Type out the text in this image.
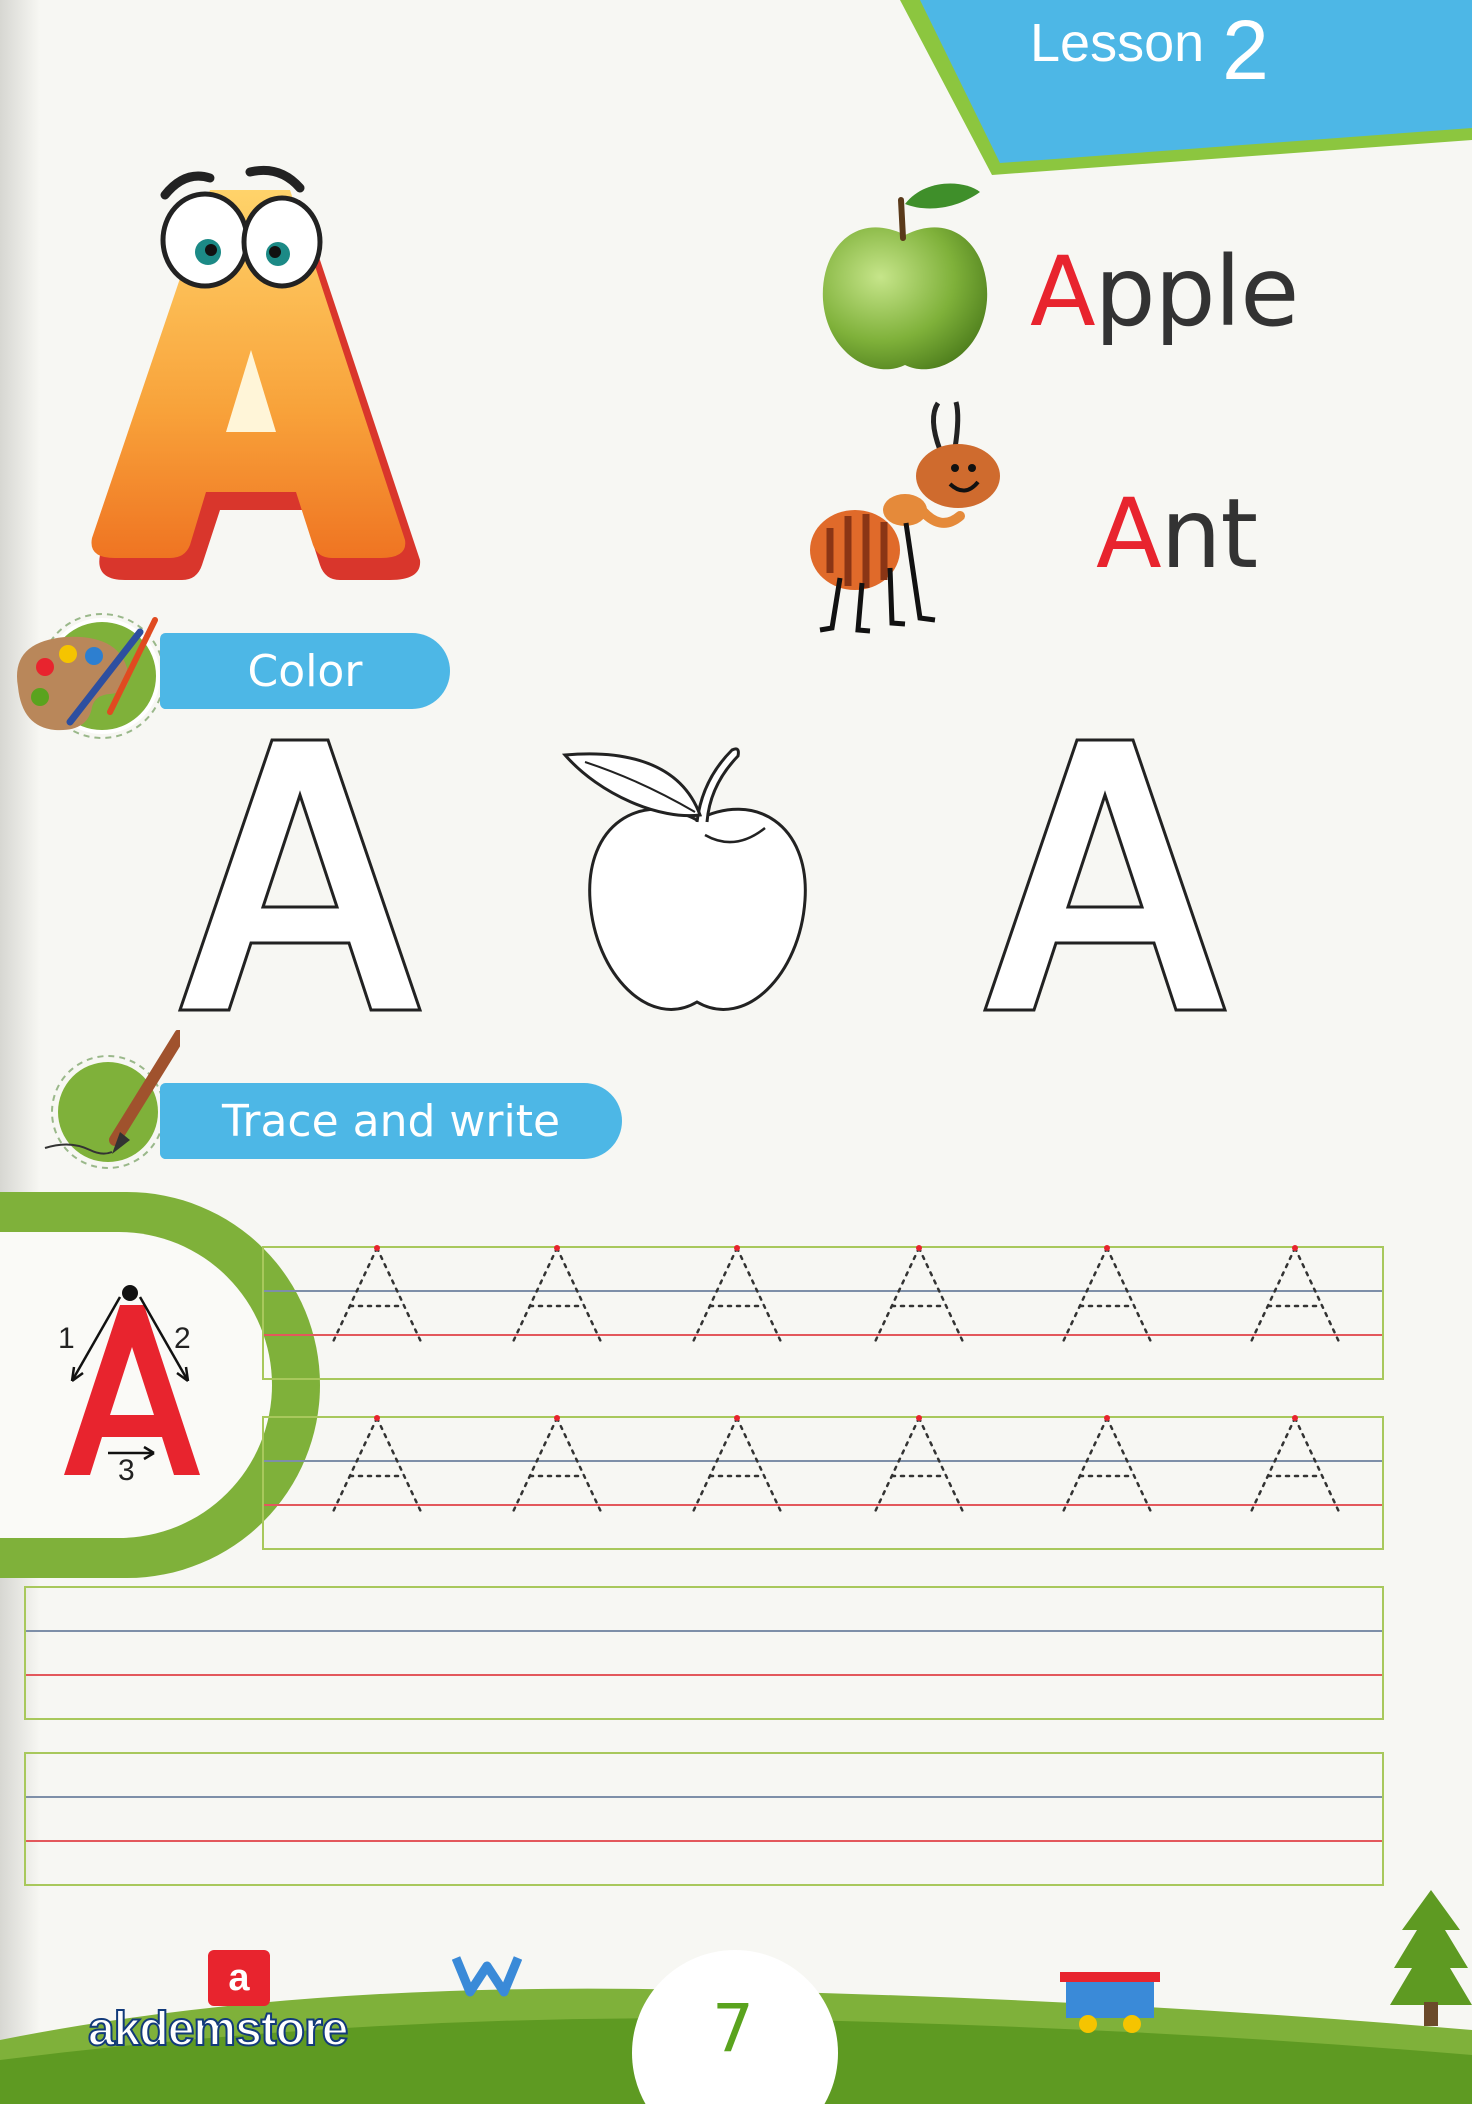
Lesson 2
Apple
Ant
Color
Trace and write
1	2
3
7
a
akdemstore
